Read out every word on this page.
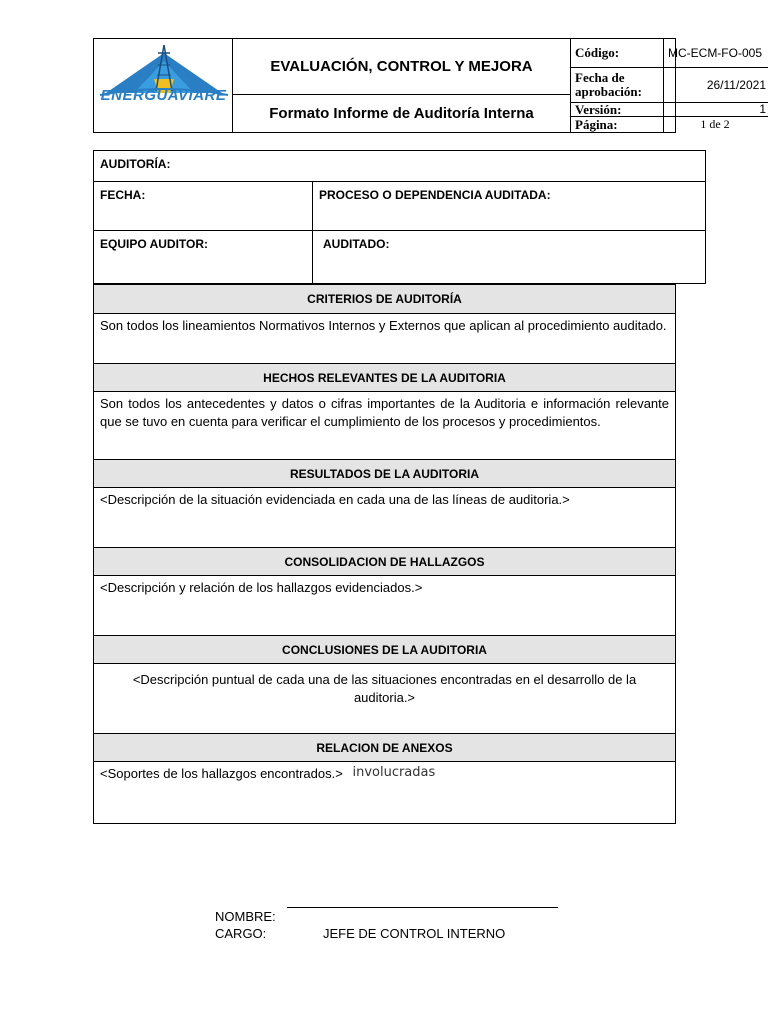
ENERGUAVIARE
EVALUACIÓN, CONTROL Y MEJORA
Formato Informe de Auditoría Interna
Código:	MC-ECM-FO-005
Fecha de aprobación:	26/11/2021
Versión:	1
Página:	1 de 2
AUDITORÍA:
FECHA:	PROCESO O DEPENDENCIA AUDITADA:
EQUIPO AUDITOR:	AUDITADO:
CRITERIOS DE AUDITORÍA
Son todos los lineamientos Normativos Internos y Externos que aplican al procedimiento auditado.
HECHOS RELEVANTES DE LA AUDITORIA
Son todos los antecedentes y datos o cifras importantes de la Auditoria e información relevante que se tuvo en cuenta para verificar el cumplimiento de los procesos y procedimientos.
RESULTADOS DE LA AUDITORIA
<Descripción de la situación evidenciada en cada una de las líneas de auditoria.>
CONSOLIDACION DE HALLAZGOS
<Descripción y relación de los hallazgos evidenciados.>
CONCLUSIONES DE LA AUDITORIA
<Descripción puntual de cada una de las situaciones encontradas en el desarrollo de la auditoria.>
RELACION DE ANEXOS
<Soportes de los hallazgos encontrados.> involucradas
NOMBRE:
CARGO:	JEFE DE CONTROL INTERNO
